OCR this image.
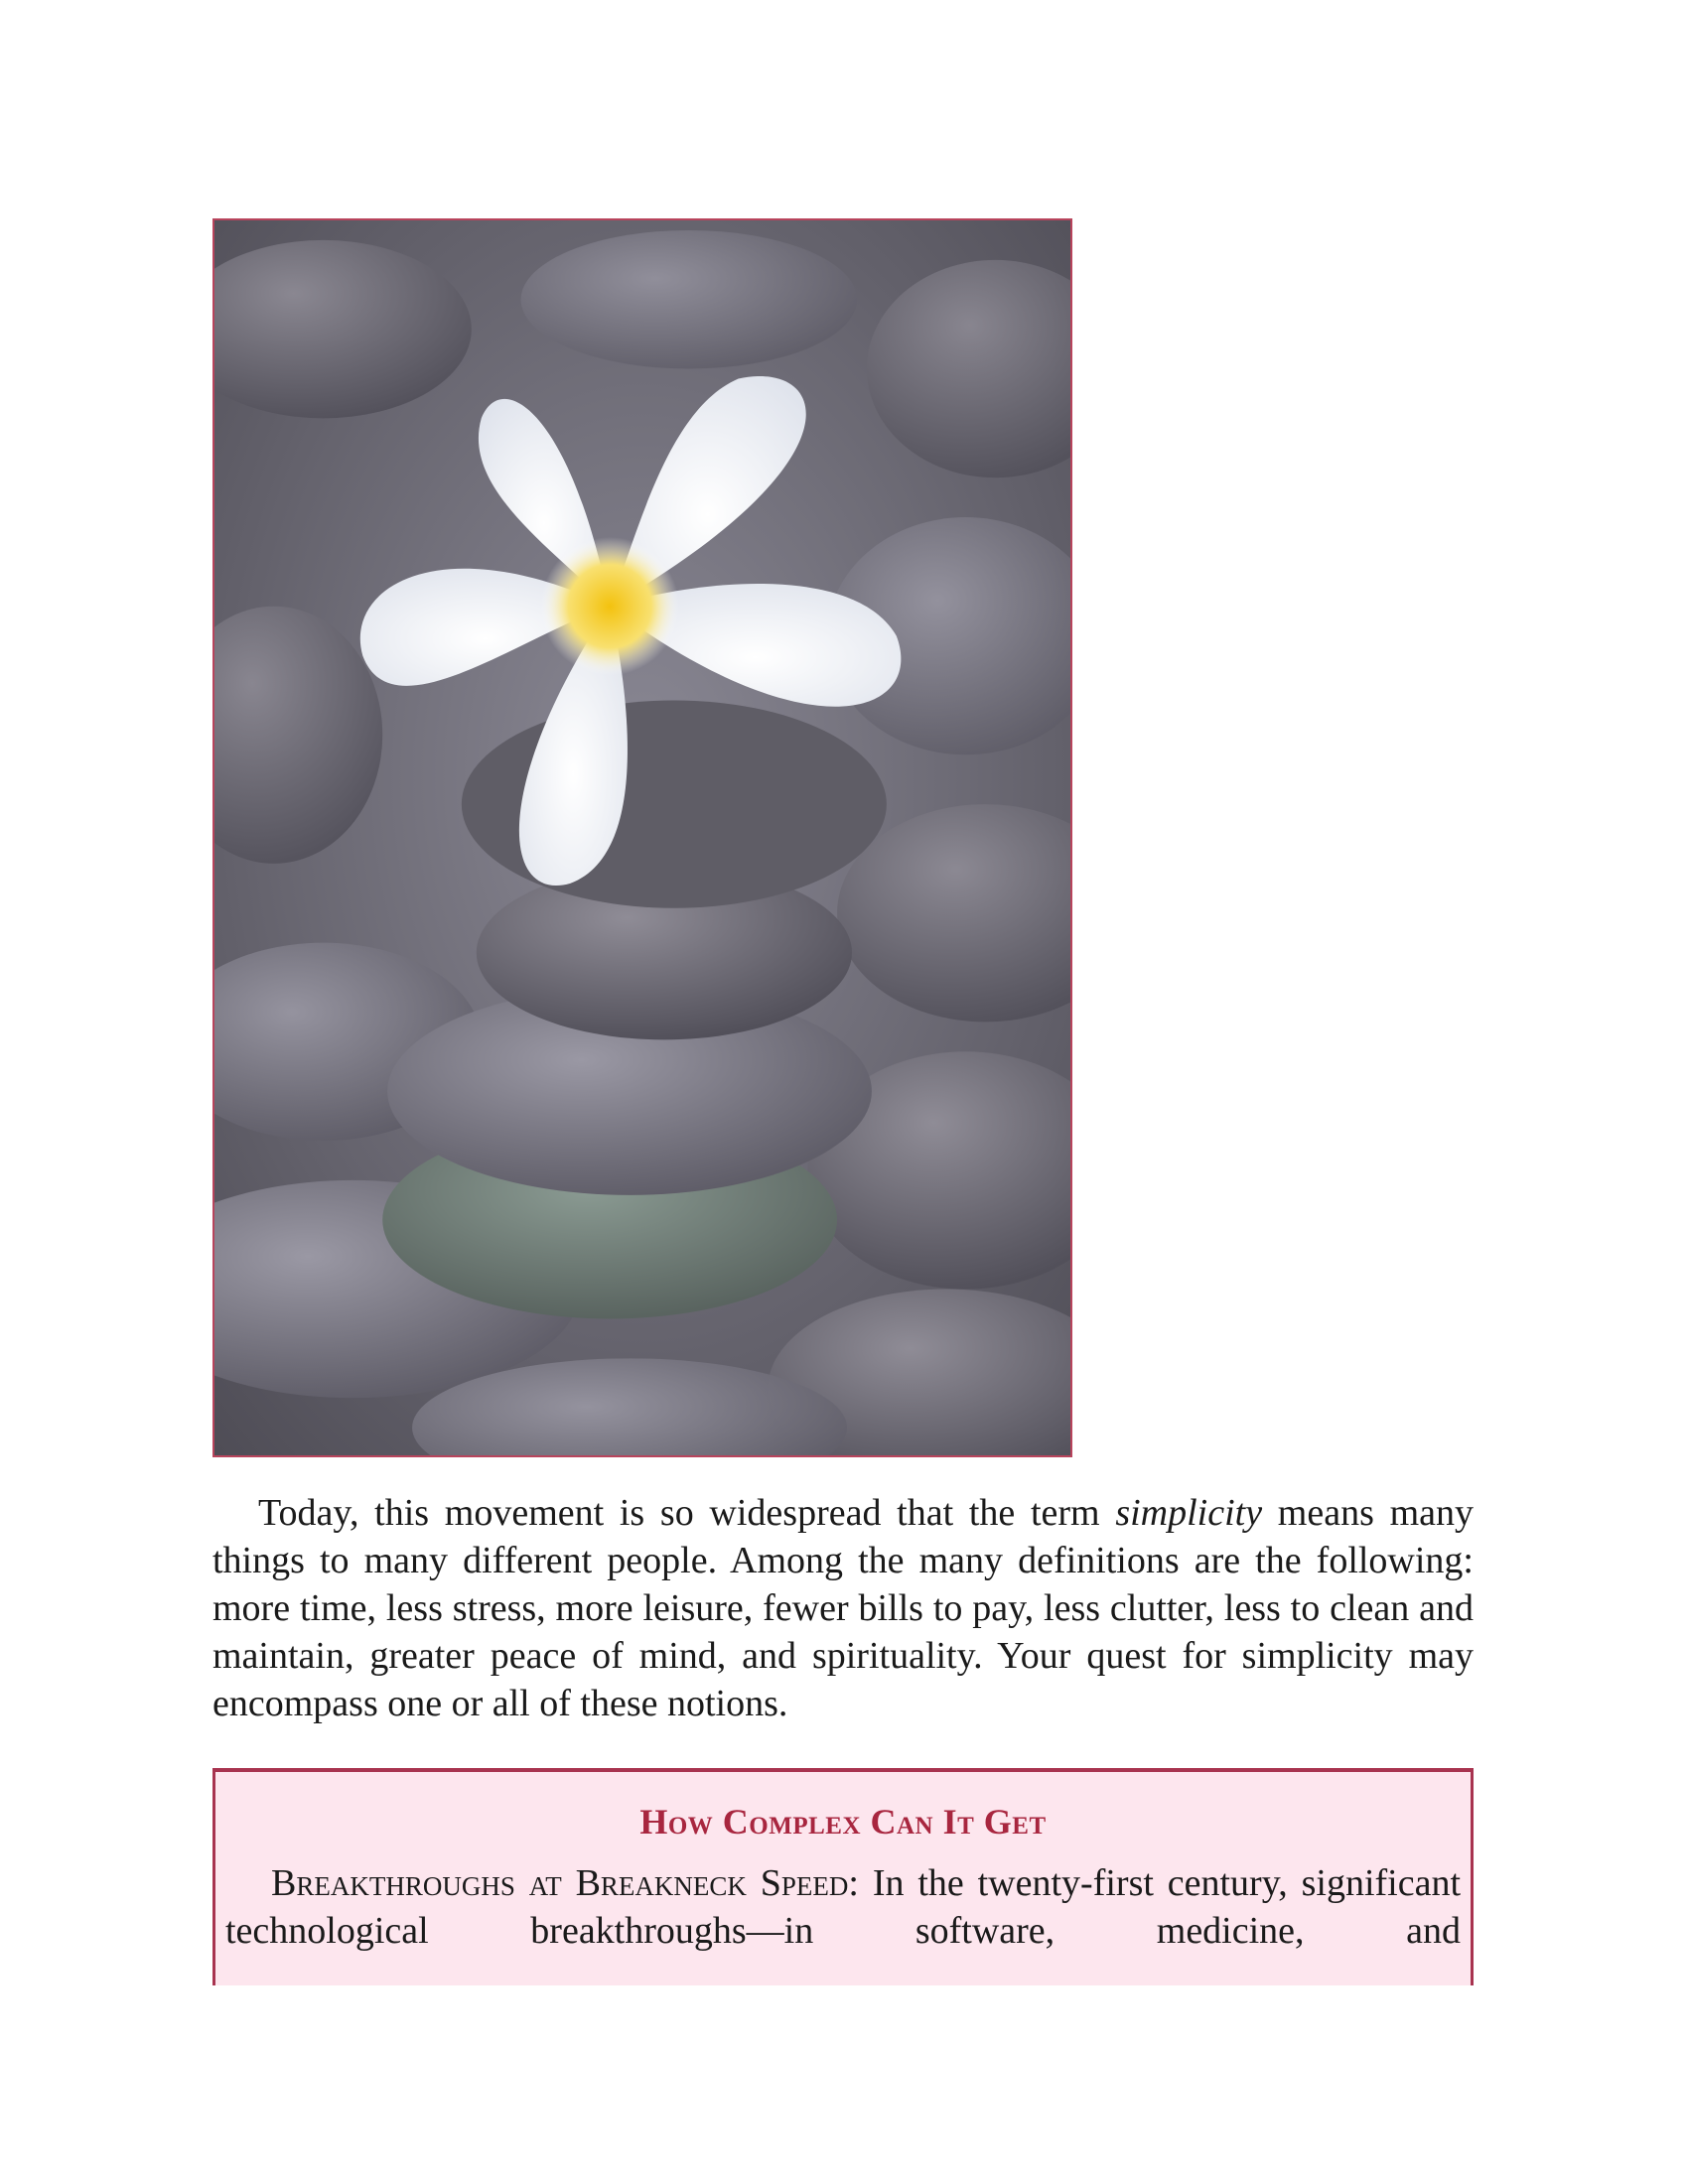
Today, this movement is so widespread that the term simplicity means many things to many different people. Among the many definitions are the following: more time, less stress, more leisure, fewer bills to pay, less clutter, less to clean and maintain, greater peace of mind, and spirituality. Your quest for simplicity may encompass one or all of these notions.

How Complex Can It Get

Breakthroughs at Breakneck Speed: In the twenty-first century, significant technological breakthroughs—in software, medicine, and
